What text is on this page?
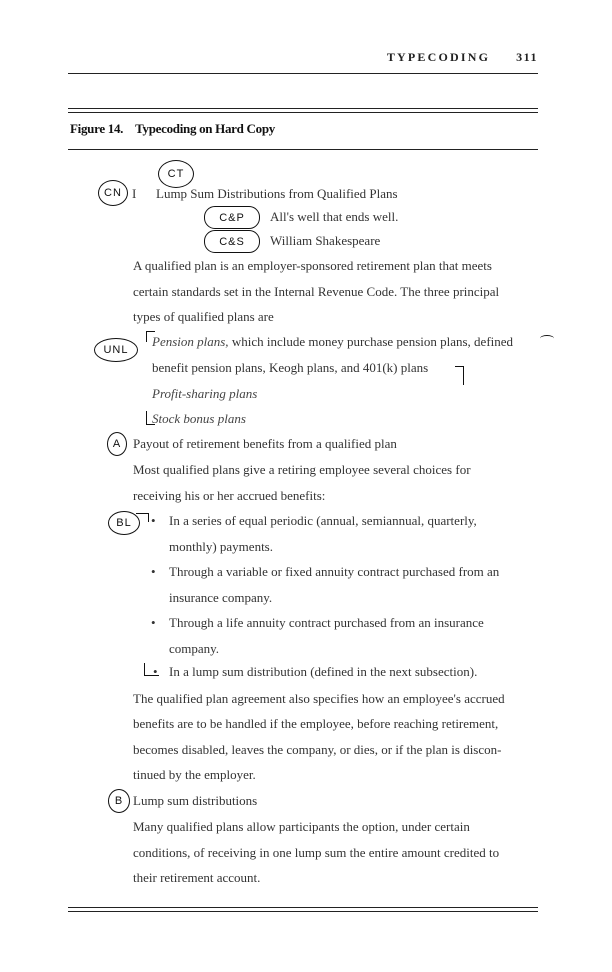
TYPECODING 311
Figure 14. Typecoding on Hard Copy
CT
CN
C&P
C&S
UNL
A
BL
B
I Lump Sum Distributions from Qualified Plans
All's well that ends well.
William Shakespeare
A qualified plan is an employer-sponsored retirement plan that meets
certain standards set in the Internal Revenue Code. The three principal
types of qualified plans are
Pension plans, which include money purchase pension plans, defined
benefit pension plans, Keogh plans, and 401(k) plans
Profit-sharing plans
Stock bonus plans
Payout of retirement benefits from a qualified plan
Most qualified plans give a retiring employee several choices for
receiving his or her accrued benefits:
• In a series of equal periodic (annual, semiannual, quarterly,
monthly) payments.
• Through a variable or fixed annuity contract purchased from an
insurance company.
• Through a life annuity contract purchased from an insurance
company.
• In a lump sum distribution (defined in the next subsection).
The qualified plan agreement also specifies how an employee's accrued
benefits are to be handled if the employee, before reaching retirement,
becomes disabled, leaves the company, or dies, or if the plan is discon-
tinued by the employer.
Lump sum distributions
Many qualified plans allow participants the option, under certain
conditions, of receiving in one lump sum the entire amount credited to
their retirement account.
